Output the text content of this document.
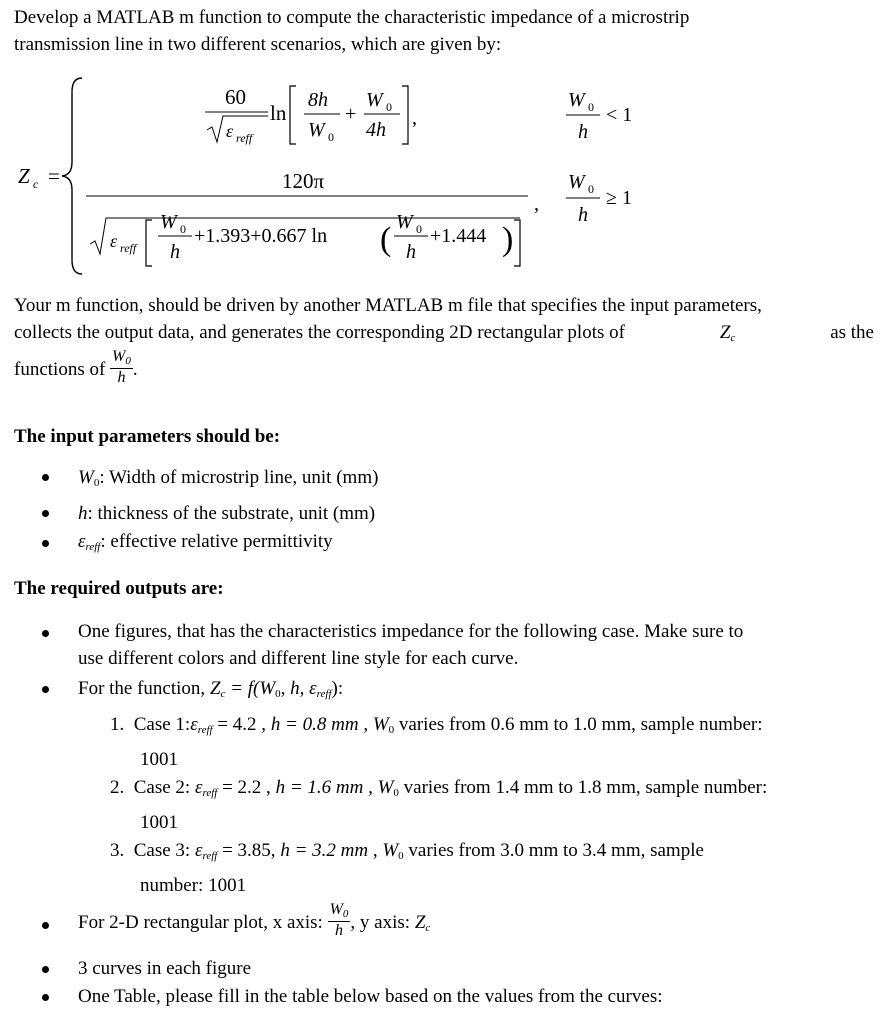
Develop a MATLAB m function to compute the characteristic impedance of a microstrip
transmission line in two different scenarios, which are given by:
Z c =
60
ε reff
ln
8h
W 0
+
W 0
4h
,
W 0
h
< 1
120π
ε reff
W 0
h
+1.393+0.667 ln ( W 0
h
+1.444 )
,
W 0
h
≥ 1
Your m function, should be driven by another MATLAB m file that specifies the input parameters,
collects the output data, and generates the corresponding 2D rectangular plots of	$Z_c$	as the
functions of $\frac{W_0}{h}$ .
The input parameters should be:
$W_0$: Width of microstrip line, unit (mm)
h: thickness of the substrate, unit (mm)
$\varepsilon_{reff}$: effective relative permittivity
The required outputs are:
One figures, that has the characteristics impedance for the following case. Make sure to
use different colors and different line style for each curve.
For the function, $Z_c = f(W_0$, h, $\varepsilon_{reff}$):
1. Case $1:\varepsilon_{reff} = 4.2$ , h = 0.8 mm , $W_0$ varies from 0.6 mm to 1.0 mm, sample number:
1001
2. Case 2: $\varepsilon_{reff} = 2.2$ , h = 1.6 mm , $W_0$ varies from 1.4 mm to 1.8 mm, sample number:
1001
3. Case 3: $\varepsilon_{reff} = 3.85$, h = 3.2 mm , $W_0$ varies from 3.0 mm to 3.4 mm, sample
number: 1001
For 2-D rectangular plot, x axis: $\frac{W_0}{h}$ , y axis: $Z_c$
3 curves in each figure
One Table, please fill in the table below based on the values from the curves:
